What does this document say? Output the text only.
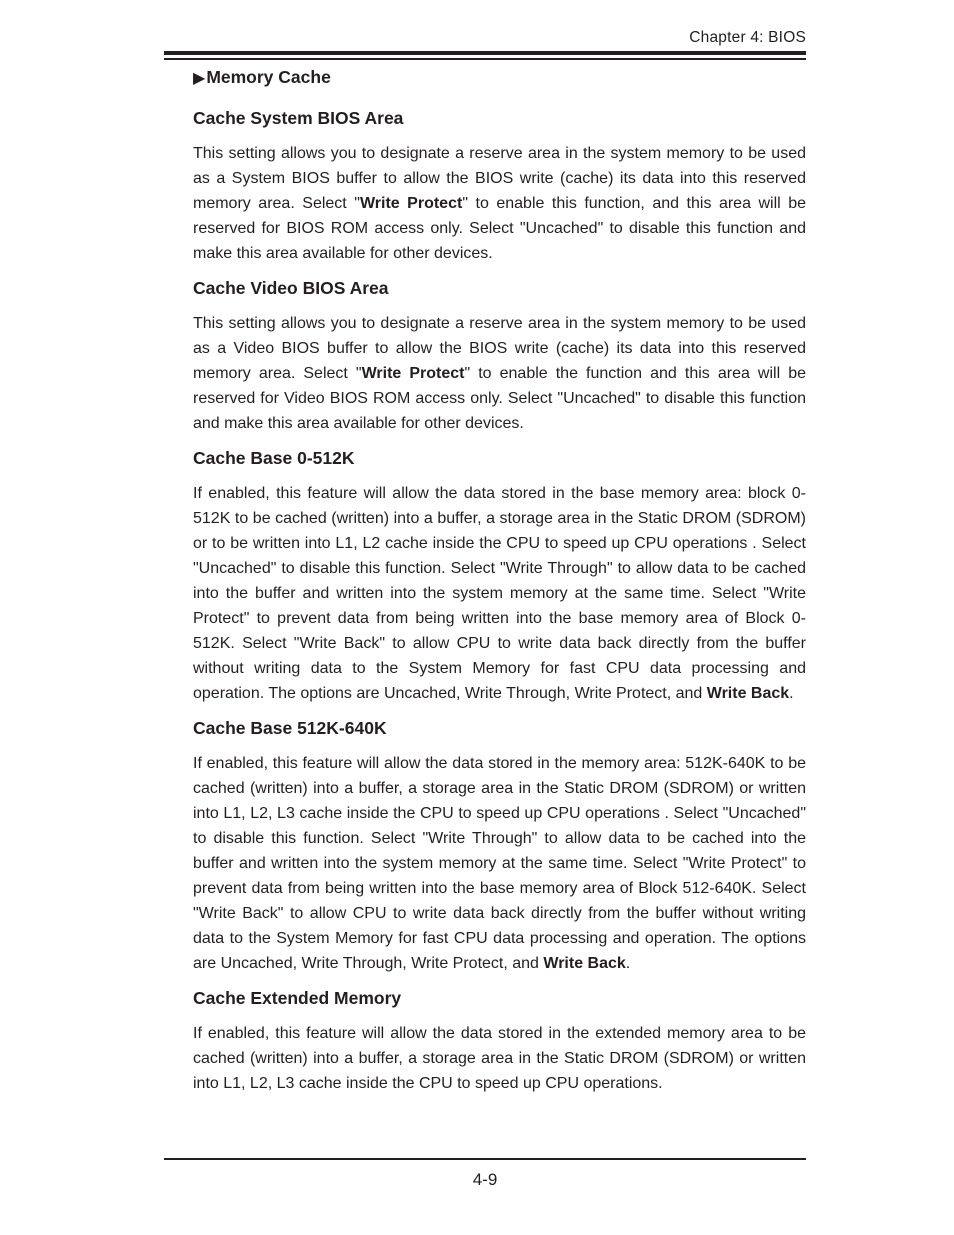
Chapter 4: BIOS
▶Memory Cache
Cache System BIOS Area

This setting allows you to designate a reserve area in the system memory to be used as a System BIOS buffer to allow the BIOS write (cache) its data into this reserved memory area. Select "Write Protect" to enable this function, and this area will be reserved for BIOS ROM access only. Select "Uncached" to disable this function and make this area available for other devices.

Cache Video BIOS Area

This setting allows you to designate a reserve area in the system memory to be used as a Video BIOS buffer to allow the BIOS write (cache) its data into this reserved memory area. Select "Write Protect" to enable the function and this area will be reserved for Video BIOS ROM access only. Select "Uncached" to disable this function and make this area available for other devices.

Cache Base 0-512K

If enabled, this feature will allow the data stored in the base memory area: block 0-512K to be cached (written) into a buffer, a storage area in the Static DROM (SDROM) or to be written into L1, L2 cache inside the CPU to speed up CPU operations . Select "Uncached" to disable this function. Select "Write Through" to allow data to be cached into the buffer and written into the system memory at the same time. Select "Write Protect" to prevent data from being written into the base memory area of Block 0-512K. Select "Write Back" to allow CPU to write data back directly from the buffer without writing data to the System Memory for fast CPU data processing and operation. The options are Uncached, Write Through, Write Protect, and Write Back.

Cache Base 512K-640K

If enabled, this feature will allow the data stored in the memory area: 512K-640K to be cached (written) into a buffer, a storage area in the Static DROM (SDROM) or written into L1, L2, L3 cache inside the CPU to speed up CPU operations . Select "Uncached" to disable this function. Select "Write Through" to allow data to be cached into the buffer and written into the system memory at the same time. Select "Write Protect" to prevent data from being written into the base memory area of Block 512-640K. Select "Write Back" to allow CPU to write data back directly from the buffer without writing data to the System Memory for fast CPU data processing and operation. The options are Uncached, Write Through, Write Protect, and Write Back.

Cache Extended Memory

If enabled, this feature will allow the data stored in the extended memory area to be cached (written) into a buffer, a storage area in the Static DROM (SDROM) or written into L1, L2, L3 cache inside the CPU to speed up CPU operations.

4-9
